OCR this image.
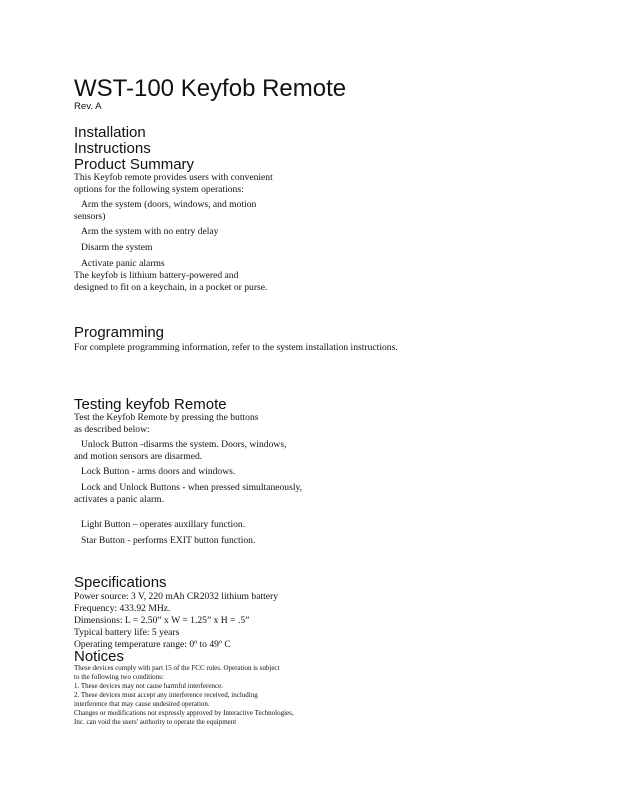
WST-100 Keyfob Remote

Rev. A

Installation
Instructions
Product Summary

This Keyfob remote provides users with convenient

options for the following system operations:

Arm the system (doors, windows, and motion

sensors)

Arm the system with no entry delay

Disarm the system

Activate panic alarms

The keyfob is lithium battery-powered and

designed to fit on a keychain, in a pocket or purse.

Programming

For complete programming information, refer to the system installation instructions.

Testing keyfob Remote

Test the Keyfob Remote by pressing the buttons

as described below:

Unlock Button -disarms the system. Doors, windows,

and motion sensors are disarmed.

Lock Button - arms doors and windows.

Lock and Unlock Buttons - when pressed simultaneously,

activates a panic alarm.

Light Button – operates auxillary function.

Star Button - performs EXIT button function.

Specifications

Power source: 3 V, 220 mAh CR2032 lithium battery

Frequency: 433.92 MHz.

Dimensions: L = 2.50” x W = 1.25” x H = .5”

Typical battery life: 5 years

Operating temperature range: 0º to 49º C

Notices

These devices comply with part 15 of the FCC rules. Operation is subject

to the following two conditions:

1. These devices may not cause harmful interference.

2. These devices must accept any interference received, including

interference that may cause undesired operation.

Changes or modifications not expressly approved by Interactive Technologies,

Inc. can void the users' authority to operate the equipment
